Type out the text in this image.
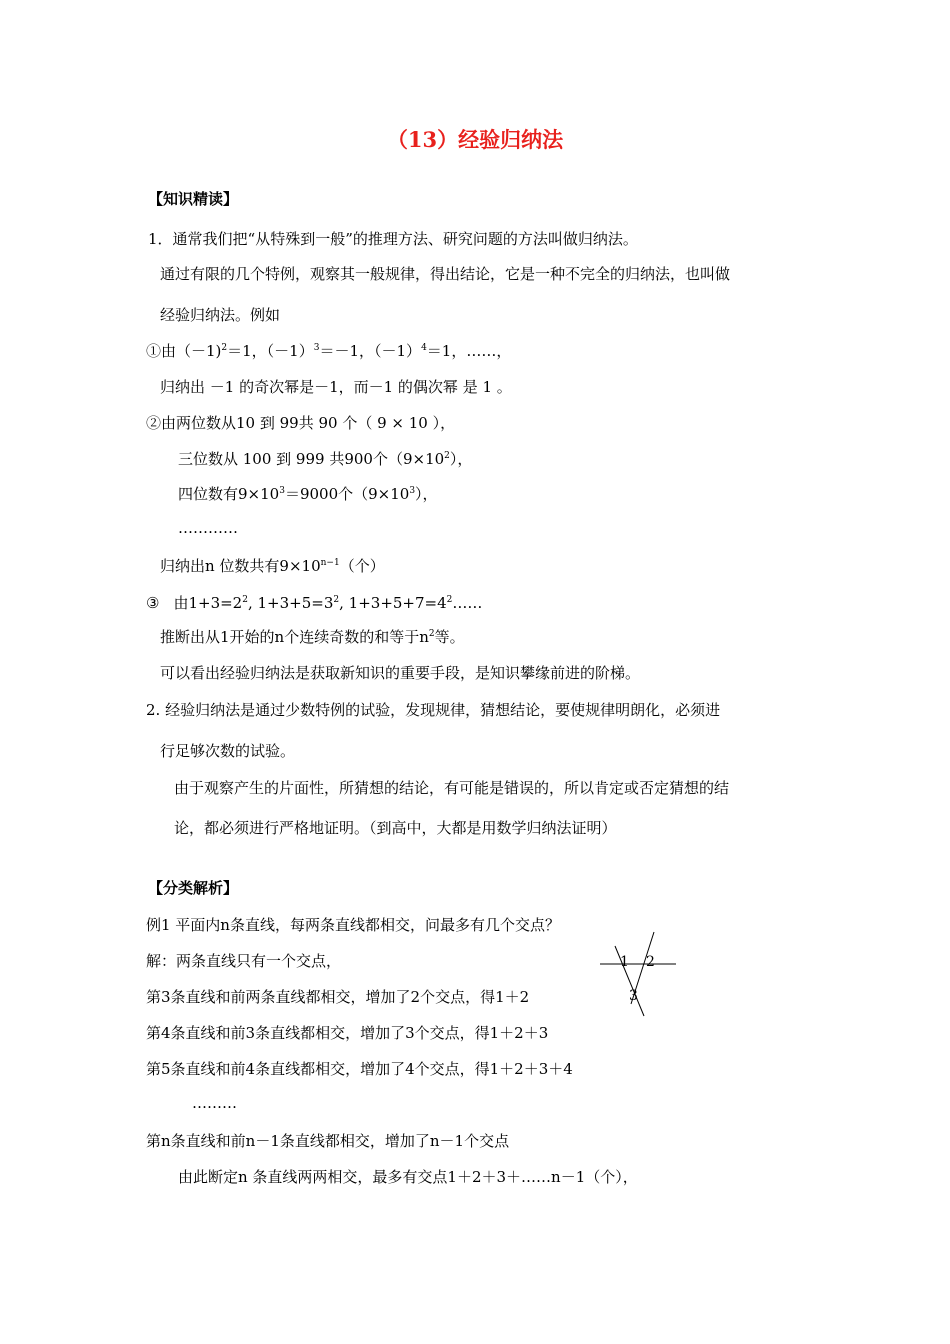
（13）经验归纳法
【知识精读】
1．通常我们把“从特殊到一般”的推理方法、研究问题的方法叫做归纳法。
通过有限的几个特例，观察其一般规律，得出结论，它是一种不完全的归纳法，也叫做
经验归纳法。例如
①由（－1)$^2$＝1，$(-1)^3=-1$，$(-1)^4=1$，……，
归纳出 －1 的奇次幂是－1，而－1 的偶次幂 是 1 。
②由两位数从10 到 99共 90 个（ 9 × 10 ），
三位数从 100 到 999 共900个$(9\times 10^2)$，
四位数有$9\times 10^3=9000$个$(9\times 10^3)$，
…………
归纳出n 位数共有$9\times 10^{n-1}$（个）
③ 由$1+3=2^2$, $1+3+5=3^2$, $1+3+5+7=4^2\dots\dots$
推断出从1开始的n个连续奇数的和等于$n^2$等。
可以看出经验归纳法是获取新知识的重要手段，是知识攀缘前进的阶梯。
2. 经验归纳法是通过少数特例的试验，发现规律，猜想结论，要使规律明朗化，必须进
行足够次数的试验。
由于观察产生的片面性，所猜想的结论，有可能是错误的，所以肯定或否定猜想的结
论，都必须进行严格地证明。（到高中，大都是用数学归纳法证明）
【分类解析】
例1 平面内n条直线，每两条直线都相交，问最多有几个交点？
解：两条直线只有一个交点，
第3条直线和前两条直线都相交，增加了2个交点，得1＋2
第4条直线和前3条直线都相交，增加了3个交点，得1＋2＋3
第5条直线和前4条直线都相交，增加了4个交点，得1＋2＋3＋4
………
第n条直线和前n－1条直线都相交，增加了n－1个交点
由此断定n 条直线两两相交，最多有交点1＋2＋3＋……n－1（个），
1 2
3
